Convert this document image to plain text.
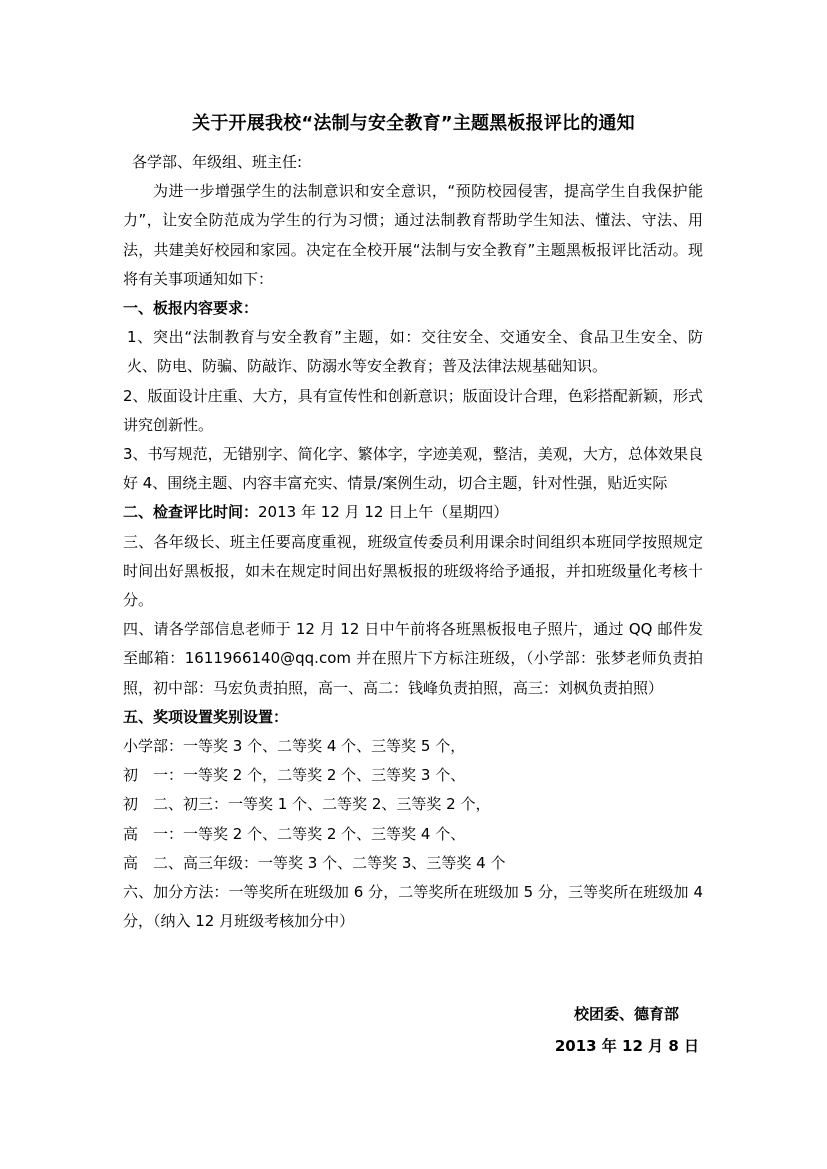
关于开展我校“法制与安全教育”主题黑板报评比的通知

各学部、年级组、班主任:

为进一步增强学生的法制意识和安全意识，“预防校园侵害，提高学生自我保护能力”，让安全防范成为学生的行为习惯；通过法制教育帮助学生知法、懂法、守法、用法，共建美好校园和家园。决定在全校开展“法制与安全教育”主题黑板报评比活动。现将有关事项通知如下：

一、板报内容要求：

1、突出“法制教育与安全教育”主题，如：交往安全、交通安全、食品卫生安全、防火、防电、防骗、防敲诈、防溺水等安全教育；普及法律法规基础知识。

2、版面设计庄重、大方，具有宣传性和创新意识；版面设计合理，色彩搭配新颖，形式讲究创新性。

3、书写规范，无错别字、简化字、繁体字，字迹美观，整洁，美观，大方，总体效果良好 4、围绕主题、内容丰富充实、情景/案例生动，切合主题，针对性强，贴近实际

二、检查评比时间：2013 年 12 月 12 日上午（星期四）

三、各年级长、班主任要高度重视，班级宣传委员利用课余时间组织本班同学按照规定时间出好黑板报，如未在规定时间出好黑板报的班级将给予通报，并扣班级量化考核十分。

四、请各学部信息老师于 12 月 12 日中午前将各班黑板报电子照片，通过 QQ 邮件发至邮箱：1611966140@qq.com 并在照片下方标注班级，（小学部：张梦老师负责拍照，初中部：马宏负责拍照，高一、高二：钱峰负责拍照，高三：刘枫负责拍照）

五、奖项设置奖别设置：

小学部：一等奖 3 个、二等奖 4 个、三等奖 5 个，

初　一：一等奖 2 个，二等奖 2 个、三等奖 3 个、

初　二、初三：一等奖 1 个、二等奖 2、三等奖 2 个，

高　一：一等奖 2 个、二等奖 2 个、三等奖 4 个、

高　二、高三年级：一等奖 3 个、二等奖 3、三等奖 4 个

六、加分方法：一等奖所在班级加 6 分，二等奖所在班级加 5 分，三等奖所在班级加 4 分，（纳入 12 月班级考核加分中）

校团委、德育部
2013 年 12 月 8 日
